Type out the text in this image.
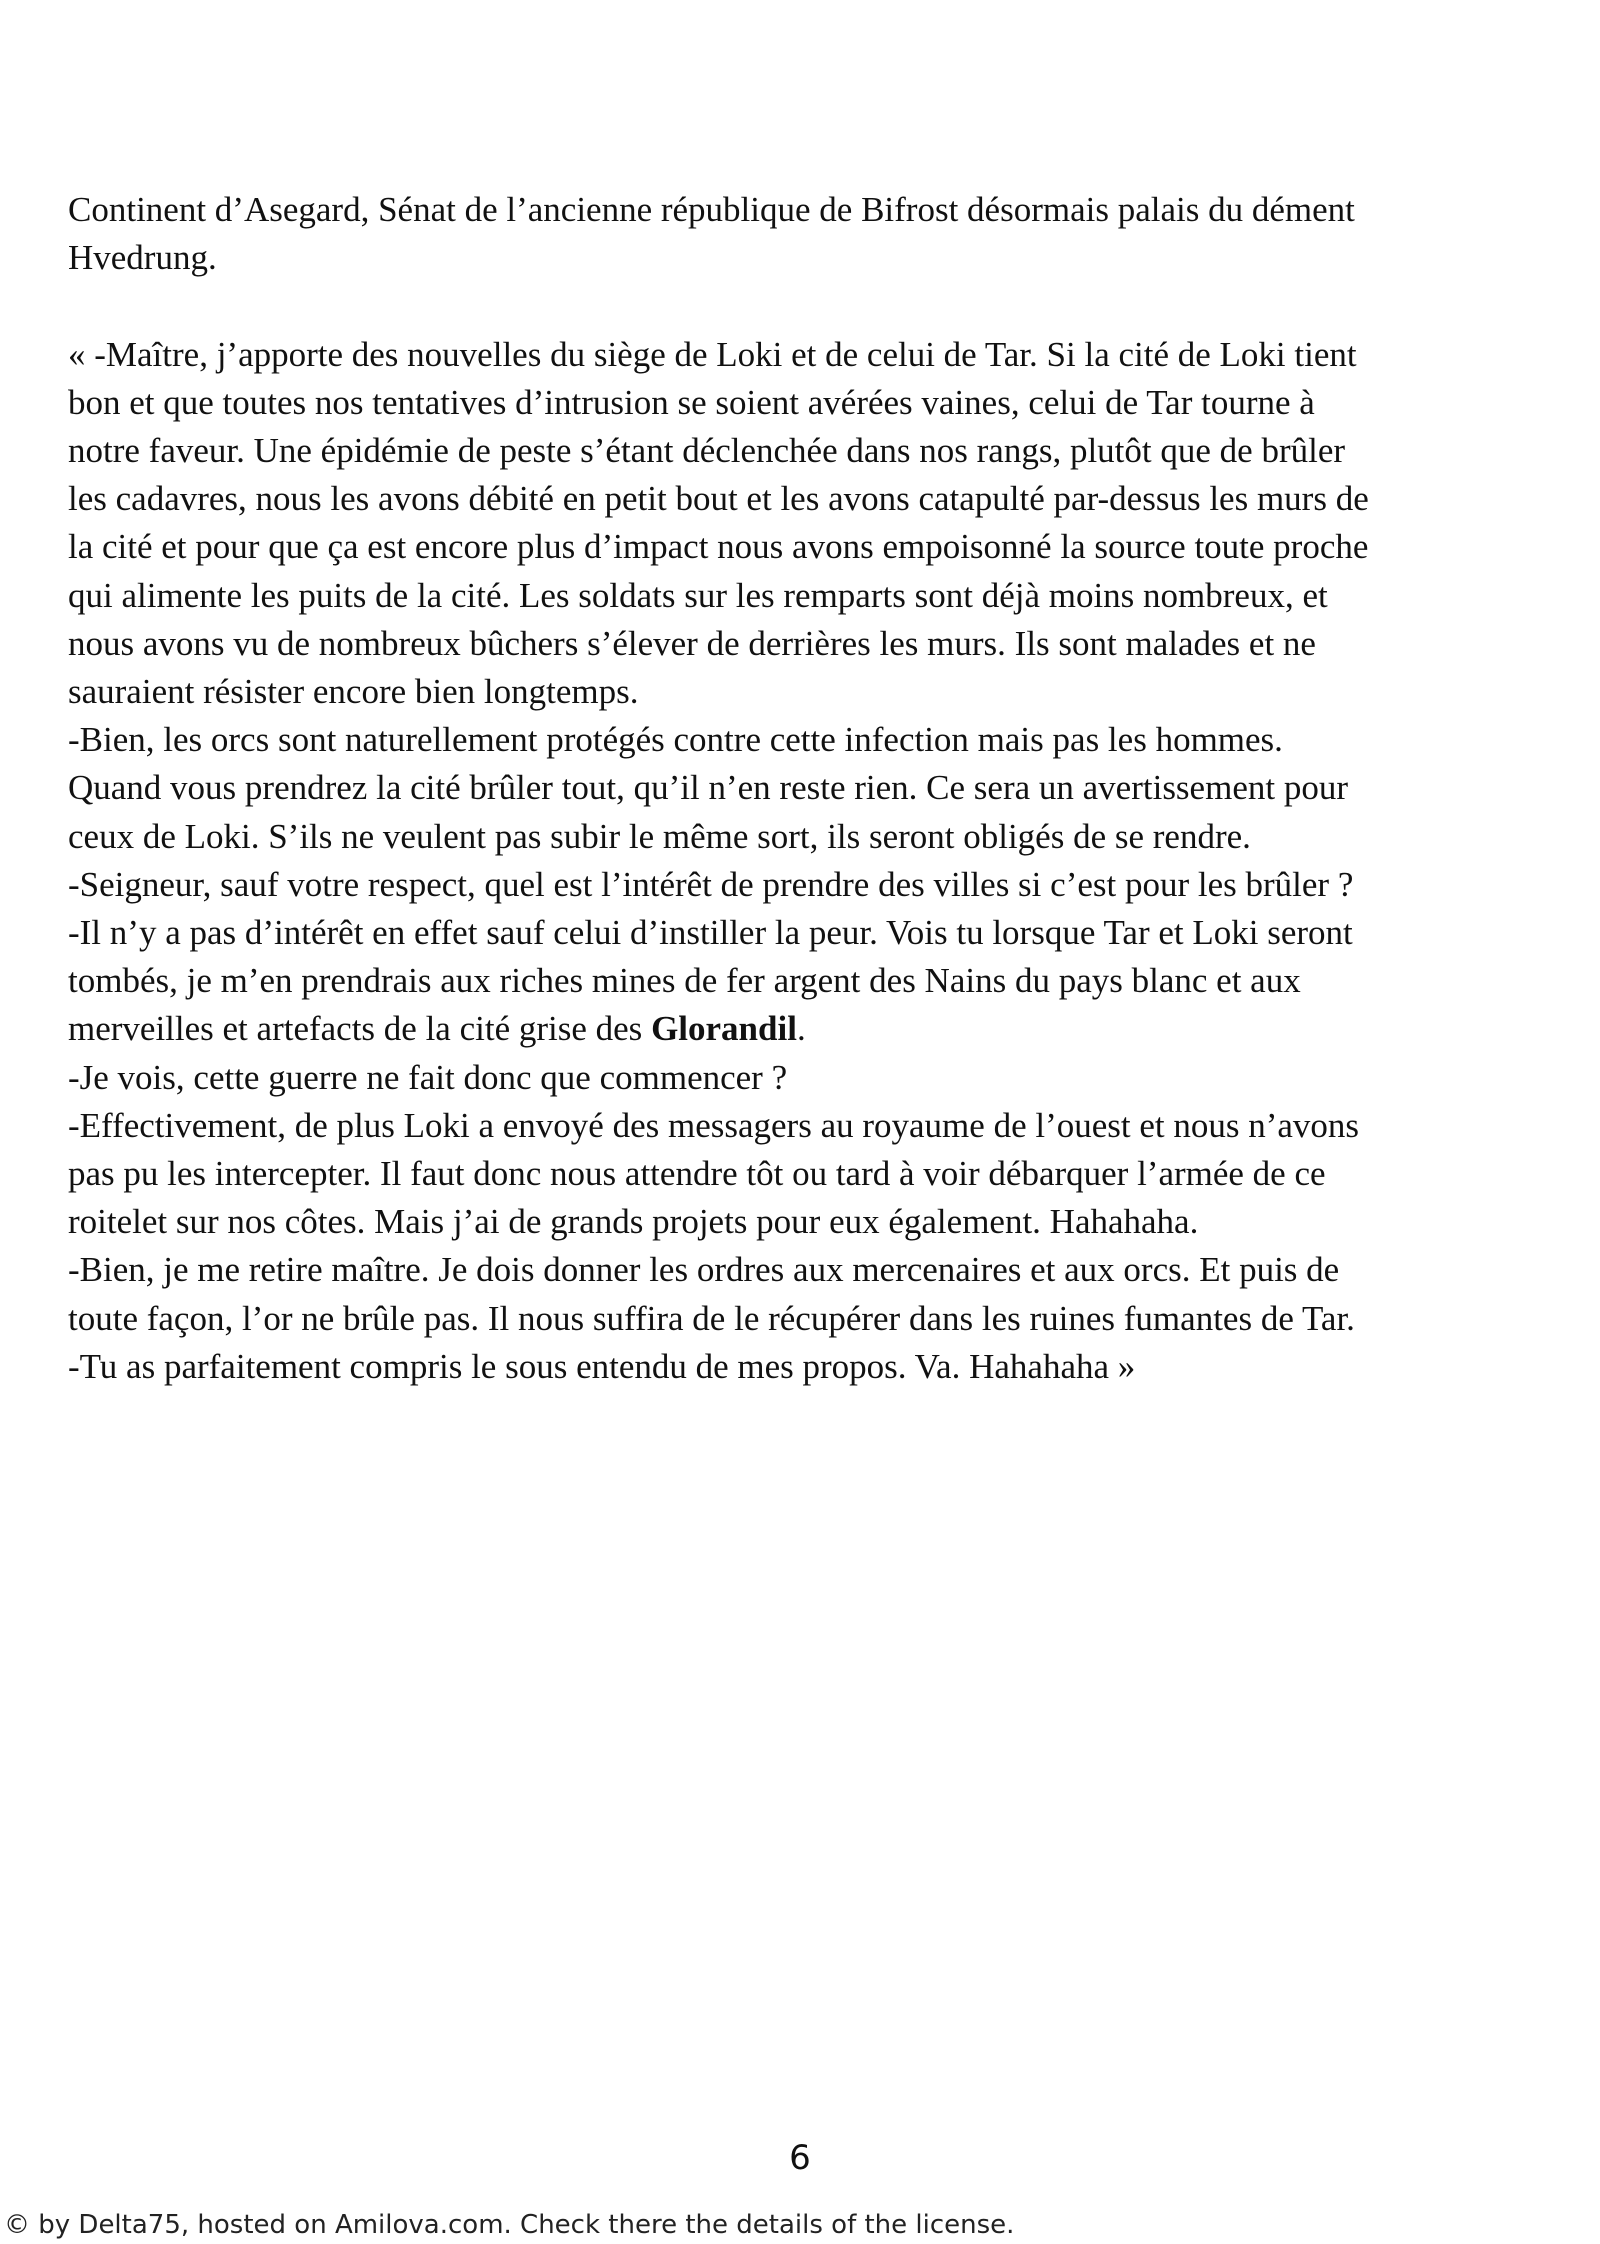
Continent d’Asegard, Sénat de l’ancienne république de Bifrost désormais palais du dément
Hvedrung.
« -Maître, j’apporte des nouvelles du siège de Loki et de celui de Tar. Si la cité de Loki tient
bon et que toutes nos tentatives d’intrusion se soient avérées vaines, celui de Tar tourne à
notre faveur. Une épidémie de peste s’étant déclenchée dans nos rangs, plutôt que de brûler
les cadavres, nous les avons débité en petit bout et les avons catapulté par-dessus les murs de
la cité et pour que ça est encore plus d’impact nous avons empoisonné la source toute proche
qui alimente les puits de la cité. Les soldats sur les remparts sont déjà moins nombreux, et
nous avons vu de nombreux bûchers s’élever de derrières les murs. Ils sont malades et ne
sauraient résister encore bien longtemps.
-Bien, les orcs sont naturellement protégés contre cette infection mais pas les hommes.
Quand vous prendrez la cité brûler tout, qu’il n’en reste rien. Ce sera un avertissement pour
ceux de Loki. S’ils ne veulent pas subir le même sort, ils seront obligés de se rendre.
-Seigneur, sauf votre respect, quel est l’intérêt de prendre des villes si c’est pour les brûler ?
-Il n’y a pas d’intérêt en effet sauf celui d’instiller la peur. Vois tu lorsque Tar et Loki seront
tombés, je m’en prendrais aux riches mines de fer argent des Nains du pays blanc et aux
merveilles et artefacts de la cité grise des Glorandil.
-Je vois, cette guerre ne fait donc que commencer ?
-Effectivement, de plus Loki a envoyé des messagers au royaume de l’ouest et nous n’avons
pas pu les intercepter. Il faut donc nous attendre tôt ou tard à voir débarquer l’armée de ce
roitelet sur nos côtes. Mais j’ai de grands projets pour eux également. Hahahaha.
-Bien, je me retire maître. Je dois donner les ordres aux mercenaires et aux orcs. Et puis de
toute façon, l’or ne brûle pas. Il nous suffira de le récupérer dans les ruines fumantes de Tar.
-Tu as parfaitement compris le sous entendu de mes propos. Va. Hahahaha »
6
© by Delta75, hosted on Amilova.com. Check there the details of the license.
